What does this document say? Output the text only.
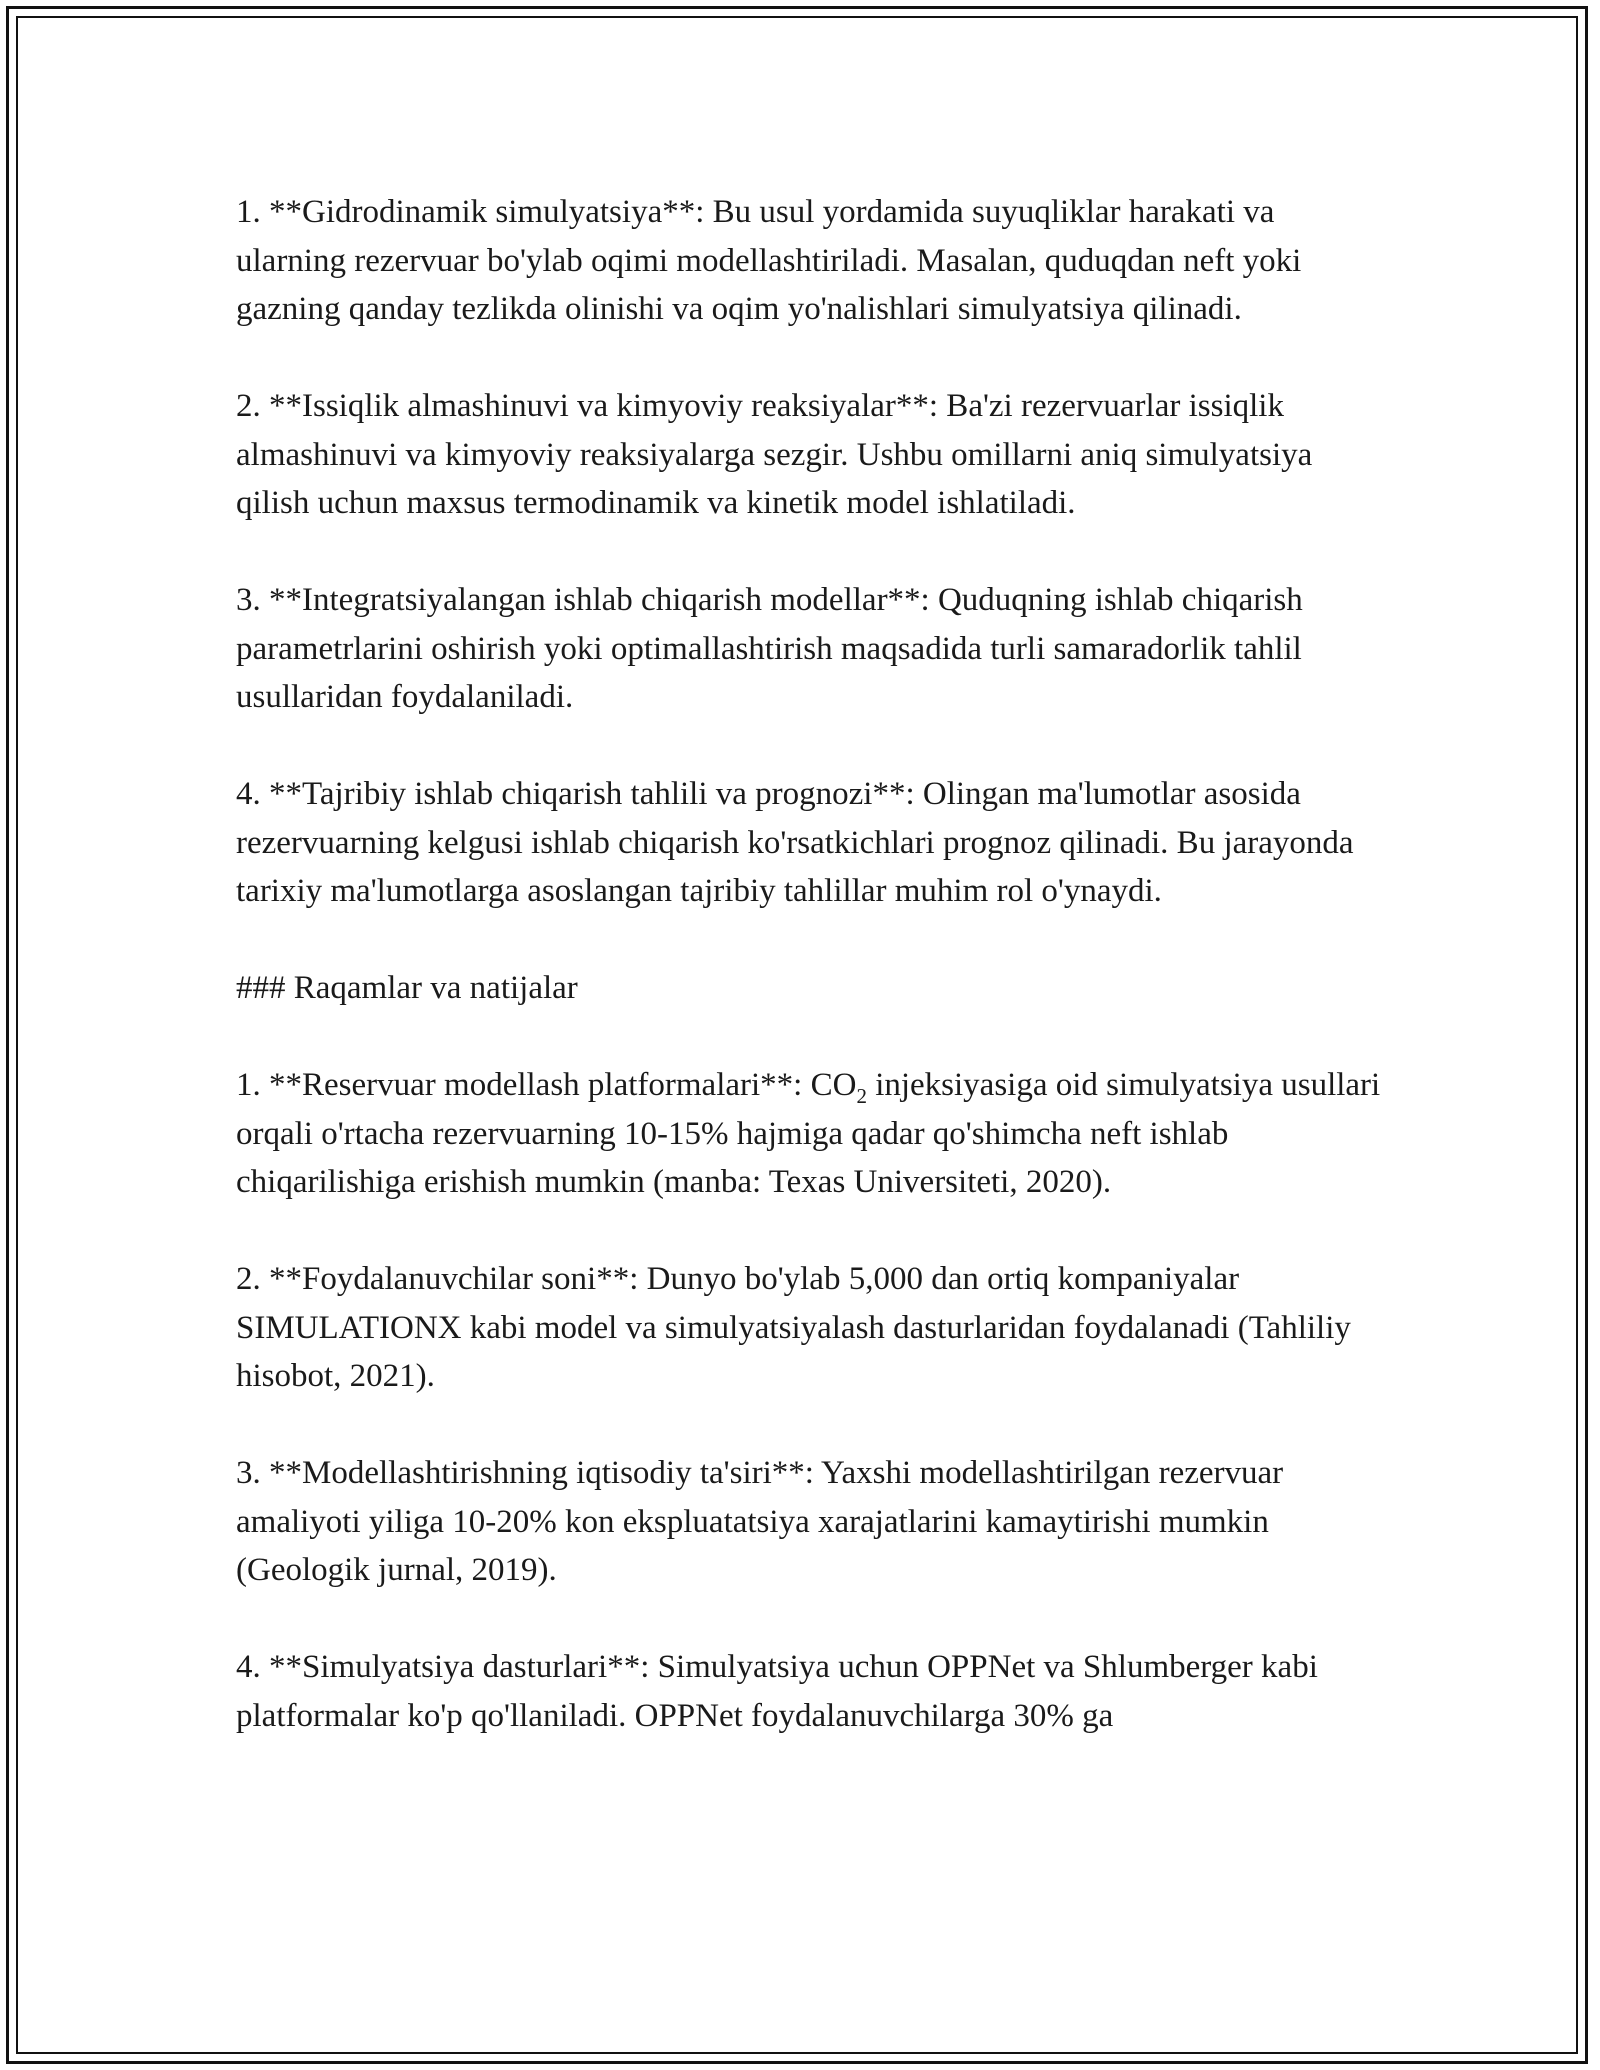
1. **Gidrodinamik simulyatsiya**: Bu usul yordamida suyuqliklar harakati va ularning rezervuar bo'ylab oqimi modellashtiriladi. Masalan, quduqdan neft yoki gazning qanday tezlikda olinishi va oqim yo'nalishlari simulyatsiya qilinadi.

2. **Issiqlik almashinuvi va kimyoviy reaksiyalar**: Ba'zi rezervuarlar issiqlik almashinuvi va kimyoviy reaksiyalarga sezgir. Ushbu omillarni aniq simulyatsiya qilish uchun maxsus termodinamik va kinetik model ishlatiladi.

3. **Integratsiyalangan ishlab chiqarish modellar**: Quduqning ishlab chiqarish parametrlarini oshirish yoki optimallashtirish maqsadida turli samaradorlik tahlil usullaridan foydalaniladi.

4. **Tajribiy ishlab chiqarish tahlili va prognozi**: Olingan ma'lumotlar asosida rezervuarning kelgusi ishlab chiqarish ko'rsatkichlari prognoz qilinadi. Bu jarayonda tarixiy ma'lumotlarga asoslangan tajribiy tahlillar muhim rol o'ynaydi.

### Raqamlar va natijalar

1. **Reservuar modellash platformalari**: $CO_2$ injeksiyasiga oid simulyatsiya usullari orqali o'rtacha rezervuarning 10-15% hajmiga qadar qo'shimcha neft ishlab chiqarilishiga erishish mumkin (manba: Texas Universiteti, 2020).

2. **Foydalanuvchilar soni**: Dunyo bo'ylab 5,000 dan ortiq kompaniyalar SIMULATIONX kabi model va simulyatsiyalash dasturlaridan foydalanadi (Tahliliy hisobot, 2021).

3. **Modellashtirishning iqtisodiy ta'siri**: Yaxshi modellashtirilgan rezervuar amaliyoti yiliga 10-20% kon ekspluatatsiya xarajatlarini kamaytirishi mumkin (Geologik jurnal, 2019).

4. **Simulyatsiya dasturlari**: Simulyatsiya uchun OPPNet va Shlumberger kabi platformalar ko'p qo'llaniladi. OPPNet foydalanuvchilarga 30% ga
